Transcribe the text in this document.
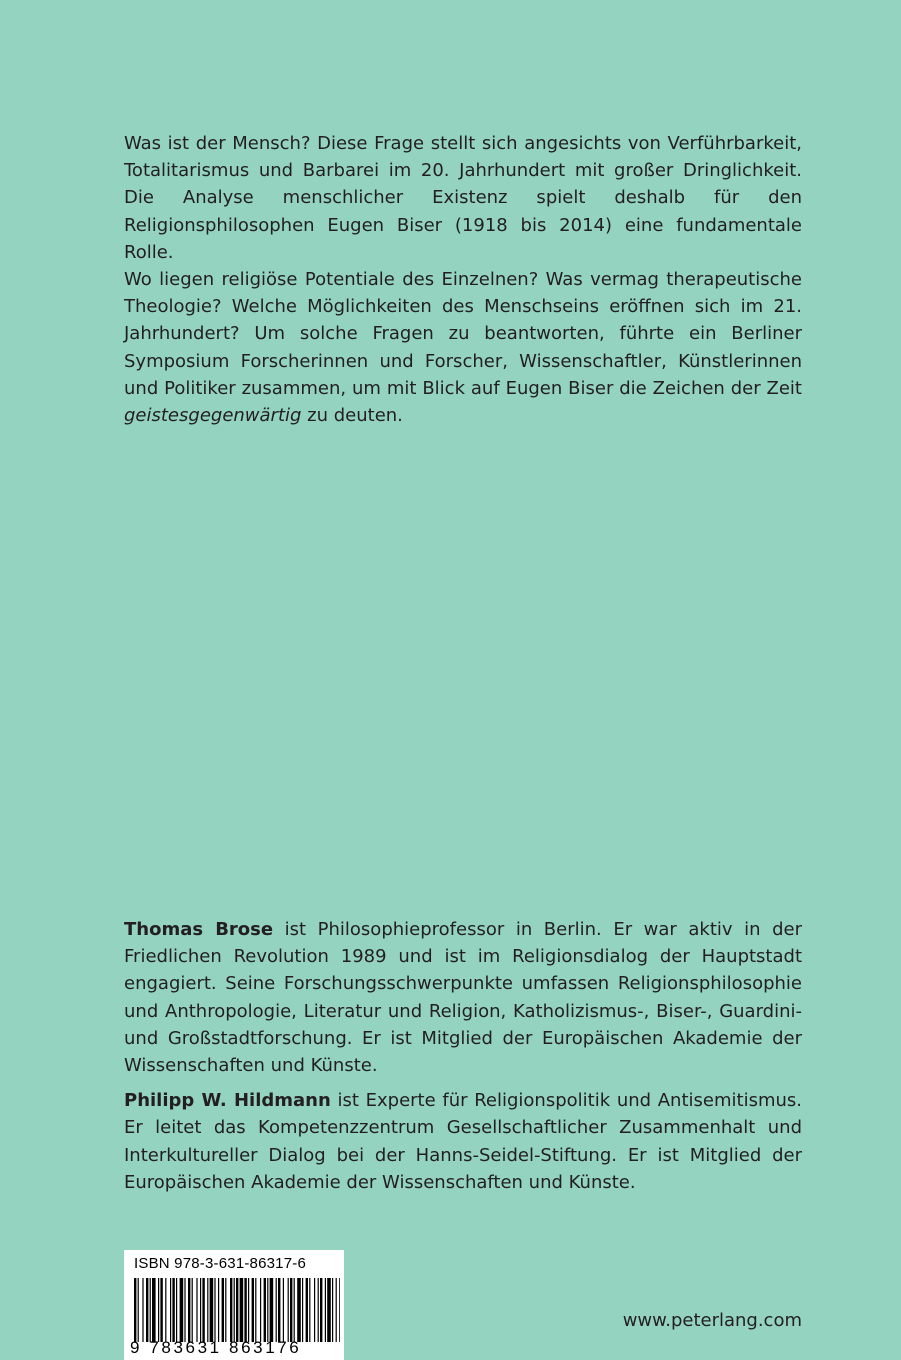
Was ist der Mensch? Diese Frage stellt sich angesichts von Verführbarkeit, Totalitarismus und Barbarei im 20. Jahrhundert mit großer Dringlichkeit. Die Analyse menschlicher Existenz spielt deshalb für den Religionsphilosophen Eugen Biser (1918 bis 2014) eine fundamentale Rolle.

Wo liegen religiöse Potentiale des Einzelnen? Was vermag therapeutische Theologie? Welche Möglichkeiten des Menschseins eröffnen sich im 21. Jahrhundert? Um solche Fragen zu beantworten, führte ein Berliner Symposium Forscherinnen und Forscher, Wissenschaftler, Künstlerinnen und Politiker zusammen, um mit Blick auf Eugen Biser die Zeichen der Zeit geistesgegenwärtig zu deuten.

Thomas Brose ist Philosophieprofessor in Berlin. Er war aktiv in der Friedlichen Revolution 1989 und ist im Religionsdialog der Hauptstadt engagiert. Seine Forschungsschwerpunkte umfassen Religionsphilosophie und Anthropologie, Literatur und Religion, Katholizismus-, Biser-, Guardini- und Großstadtforschung. Er ist Mitglied der Europäischen Akademie der Wissenschaften und Künste.

Philipp W. Hildmann ist Experte für Religionspolitik und Antisemitismus. Er leitet das Kompetenzzentrum Gesellschaftlicher Zusammenhalt und Interkultureller Dialog bei der Hanns-Seidel-Stiftung. Er ist Mitglied der Europäischen Akademie der Wissenschaften und Künste.

ISBN 978-3-631-86317-6
9 783631 863176
www.peterlang.com
